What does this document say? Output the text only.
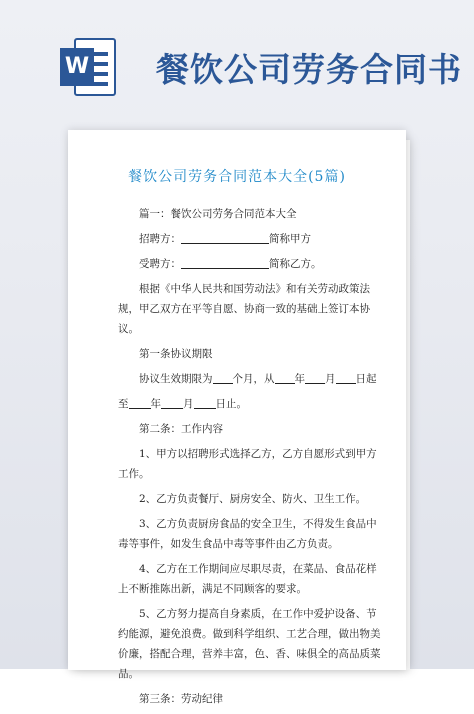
W 餐饮公司劳务合同书
餐饮公司劳务合同范本大全(5篇)

篇一：餐饮公司劳务合同范本大全

招聘方：	简称甲方

受聘方：	简称乙方。

根据《中华人民共和国劳动法》和有关劳动政策法规，甲乙双方在平等自愿、协商一致的基础上签订本协议。

第一条协议期限

协议生效期限为 个月，从 年 月 日起

至 年 月 日止。

第二条：工作内容

1、甲方以招聘形式选择乙方，乙方自愿形式到甲方工作。

2、乙方负责餐厅、厨房安全、防火、卫生工作。

3、乙方负责厨房食品的安全卫生，不得发生食品中毒等事件，如发生食品中毒等事件由乙方负责。

4、乙方在工作期间应尽职尽责，在菜品、食品花样上不断推陈出新，满足不同顾客的要求。

5、乙方努力提高自身素质，在工作中爱护设备、节约能源，避免浪费。做到科学组织、工艺合理，做出物美价廉，搭配合理，营养丰富，色、香、味俱全的高品质菜品。

第三条：劳动纪律
